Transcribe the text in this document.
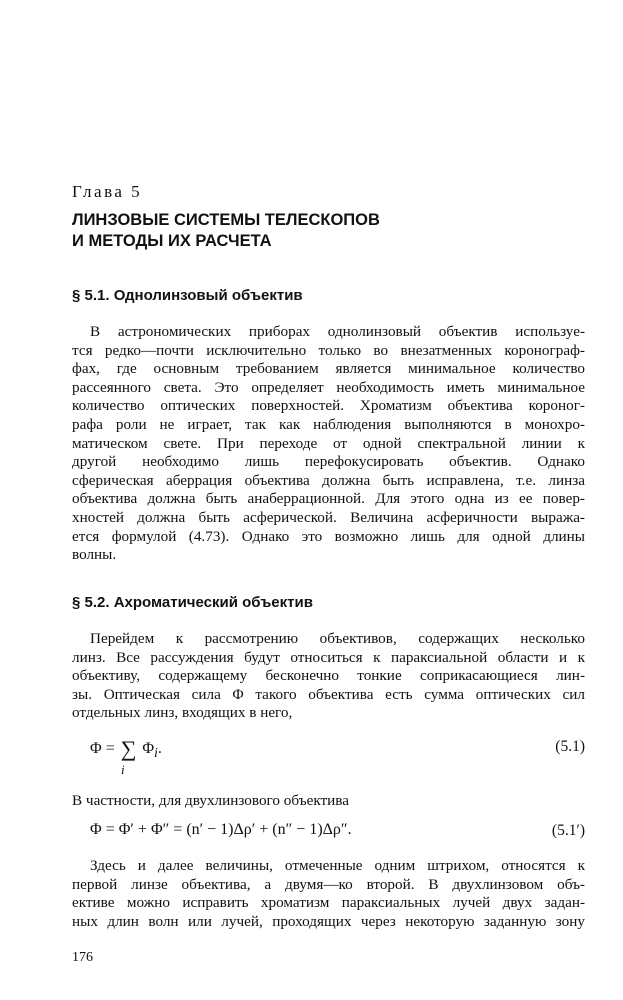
Глава 5
ЛИНЗОВЫЕ СИСТЕМЫ ТЕЛЕСКОПОВ
И МЕТОДЫ ИХ РАСЧЕТА
§ 5.1. Однолинзовый объектив
В астрономических приборах однолинзовый объектив используе-
тся редко—почти исключительно только во внезатменных коронограф-
фах, где основным требованием является минимальное количество
рассеянного света. Это определяет необходимость иметь минимальное
количество оптических поверхностей. Хроматизм объектива короног-
рафа роли не играет, так как наблюдения выполняются в монохро-
матическом свете. При переходе от одной спектральной линии к
другой необходимо лишь перефокусировать объектив. Однако
сферическая аберрация объектива должна быть исправлена, т.е. линза
объектива должна быть анаберрационной. Для этого одна из ее повер-
хностей должна быть асферической. Величина асферичности выража-
ется формулой (4.73). Однако это возможно лишь для одной длины
волны.
§ 5.2. Ахроматический объектив
Перейдем к рассмотрению объективов, содержащих несколько
линз. Все рассуждения будут относиться к параксиальной области и к
объективу, содержащему бесконечно тонкие соприкасающиеся лин-
зы. Оптическая сила Φ такого объектива есть сумма оптических сил
отдельных линз, входящих в него,
Φ = ∑
i
$\Phi_i$.	(5.1)
В частности, для двухлинзового объектива
Φ = Φ′ + Φ″ = (n′ − 1)Δρ′ + (n″ − 1)Δρ″.	(5.1′)
Здесь и далее величины, отмеченные одним штрихом, относятся к
первой линзе объектива, а двумя—ко второй. В двухлинзовом объ-
ективе можно исправить хроматизм параксиальных лучей двух задан-
ных длин волн или лучей, проходящих через некоторую заданную зону
176
